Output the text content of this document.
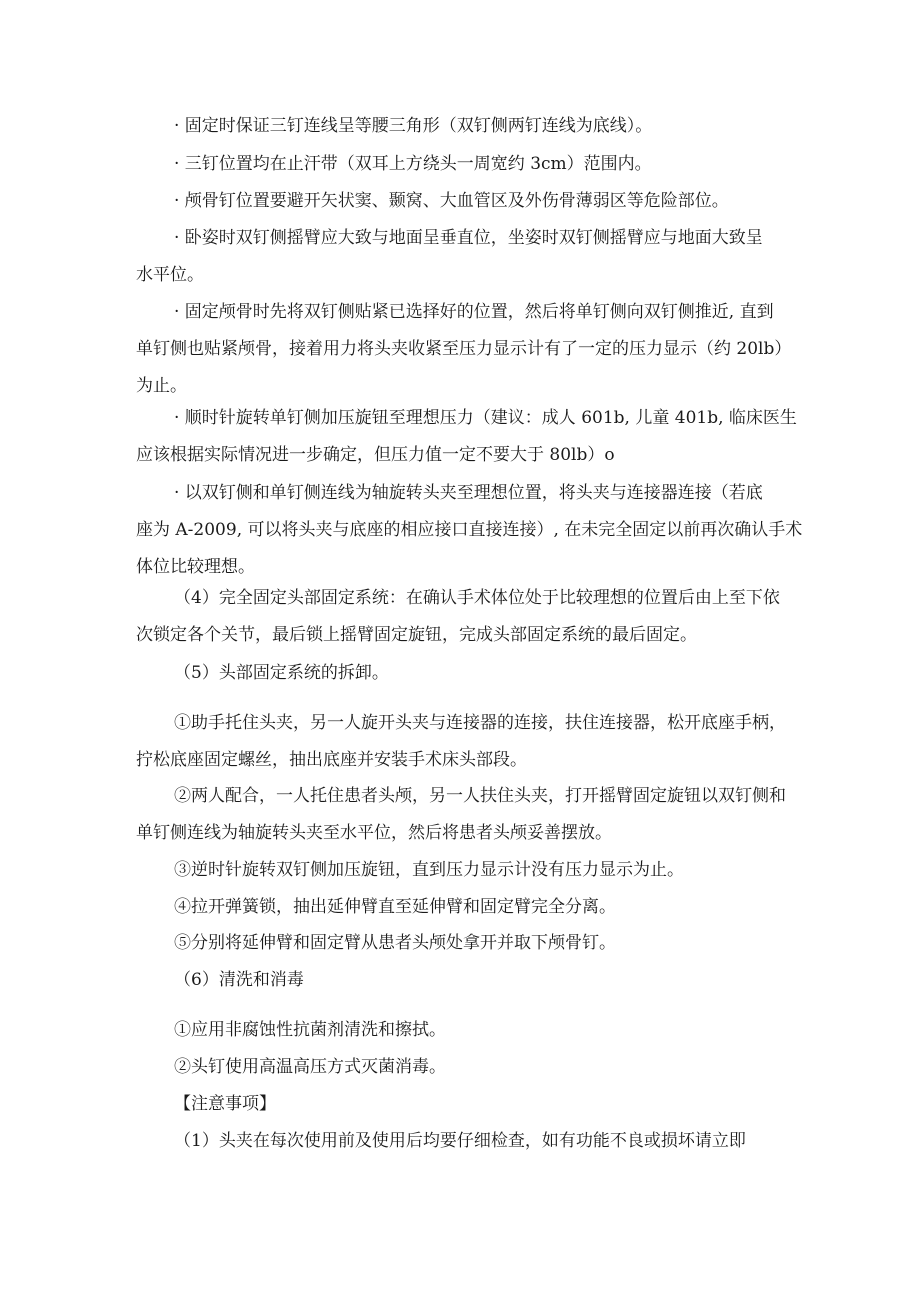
· 固定时保证三钉连线呈等腰三角形（双钉侧两钉连线为底线）。

· 三钉位置均在止汗带（双耳上方绕头一周宽约 3cm）范围内。

· 颅骨钉位置要避开矢状窦、颞窝、大血管区及外伤骨薄弱区等危险部位。

· 卧姿时双钉侧摇臂应大致与地面呈垂直位，坐姿时双钉侧摇臂应与地面大致呈
水平位。

· 固定颅骨时先将双钉侧贴紧已选择好的位置，然后将单钉侧向双钉侧推近, 直到
单钉侧也贴紧颅骨，接着用力将头夹收紧至压力显示计有了一定的压力显示（约 20lb）
为止。

· 顺时针旋转单钉侧加压旋钮至理想压力（建议：成人 601b, 儿童 401b, 临床医生
应该根据实际情况进一步确定，但压力值一定不要大于 80lb）o

· 以双钉侧和单钉侧连线为轴旋转头夹至理想位置，将头夹与连接器连接（若底
座为 A-2009, 可以将头夹与底座的相应接口直接连接）, 在未完全固定以前再次确认手术
体位比较理想。

（4）完全固定头部固定系统：在确认手术体位处于比较理想的位置后由上至下依
次锁定各个关节，最后锁上摇臂固定旋钮，完成头部固定系统的最后固定。

（5）头部固定系统的拆卸。

①助手托住头夹，另一人旋开头夹与连接器的连接，扶住连接器，松开底座手柄，
拧松底座固定螺丝，抽出底座并安装手术床头部段。

②两人配合，一人托住患者头颅，另一人扶住头夹，打开摇臂固定旋钮以双钉侧和
单钉侧连线为轴旋转头夹至水平位，然后将患者头颅妥善摆放。

③逆时针旋转双钉侧加压旋钮，直到压力显示计没有压力显示为止。

④拉开弹簧锁，抽出延伸臂直至延伸臂和固定臂完全分离。

⑤分别将延伸臂和固定臂从患者头颅处拿开并取下颅骨钉。

（6）清洗和消毒

①应用非腐蚀性抗菌剂清洗和擦拭。

②头钉使用高温高压方式灭菌消毒。

【注意事项】

（1）头夹在每次使用前及使用后均要仔细检查，如有功能不良或损坏请立即
